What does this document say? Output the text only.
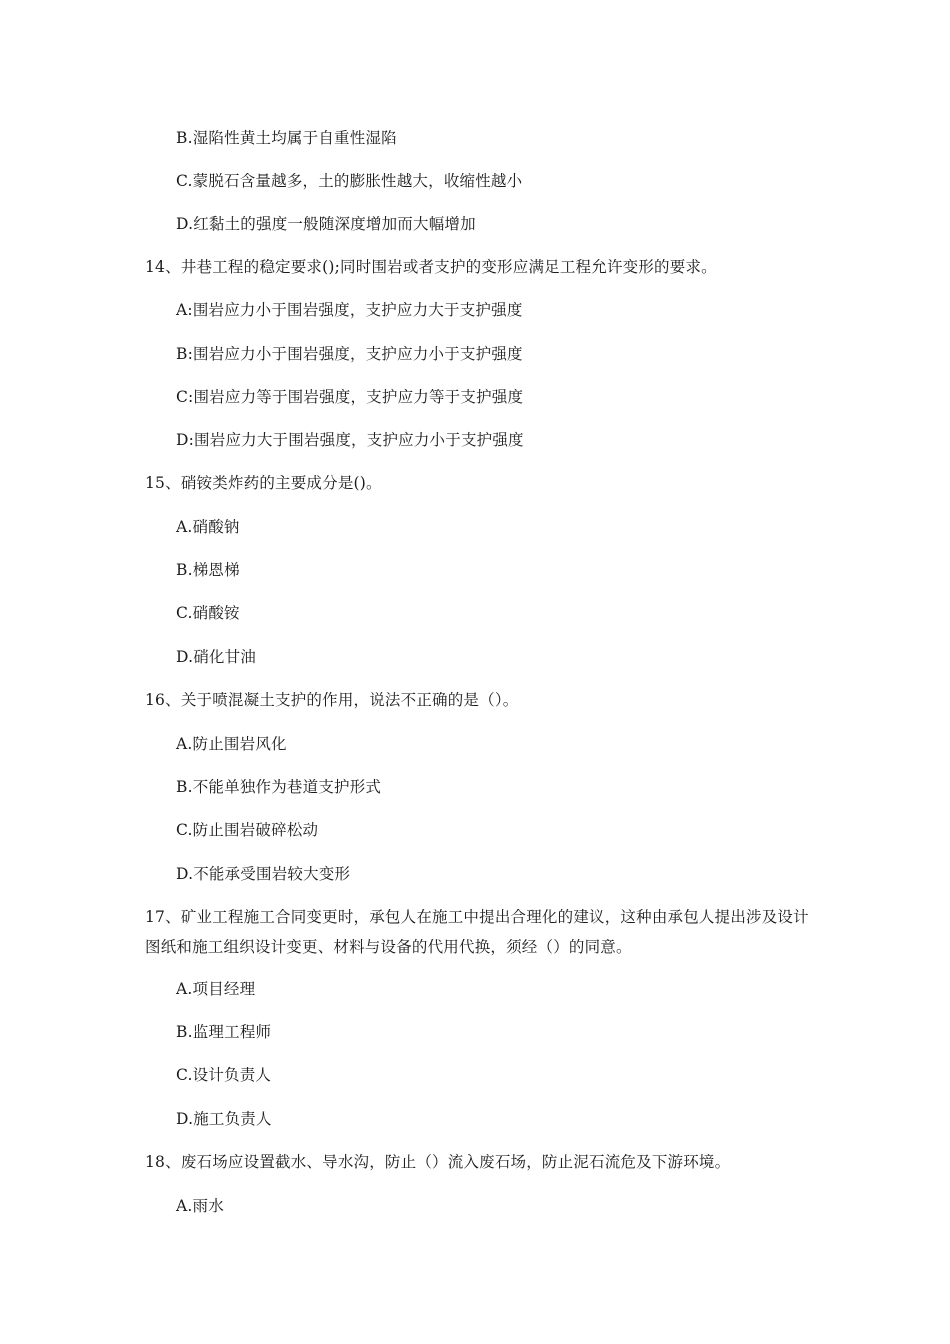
B.湿陷性黄土均属于自重性湿陷
C.蒙脱石含量越多，土的膨胀性越大，收缩性越小
D.红黏土的强度一般随深度增加而大幅增加
14、井巷工程的稳定要求();同时围岩或者支护的变形应满足工程允许变形的要求。
A:围岩应力小于围岩强度，支护应力大于支护强度
B:围岩应力小于围岩强度，支护应力小于支护强度
C:围岩应力等于围岩强度，支护应力等于支护强度
D:围岩应力大于围岩强度，支护应力小于支护强度
15、硝铵类炸药的主要成分是()。
A.硝酸钠
B.梯恩梯
C.硝酸铵
D.硝化甘油
16、关于喷混凝土支护的作用，说法不正确的是（）。
A.防止围岩风化
B.不能单独作为巷道支护形式
C.防止围岩破碎松动
D.不能承受围岩较大变形
17、矿业工程施工合同变更时，承包人在施工中提出合理化的建议，这种由承包人提出涉及设计图纸和施工组织设计变更、材料与设备的代用代换，须经（）的同意。
A.项目经理
B.监理工程师
C.设计负责人
D.施工负责人
18、废石场应设置截水、导水沟，防止（）流入废石场，防止泥石流危及下游环境。
A.雨水
